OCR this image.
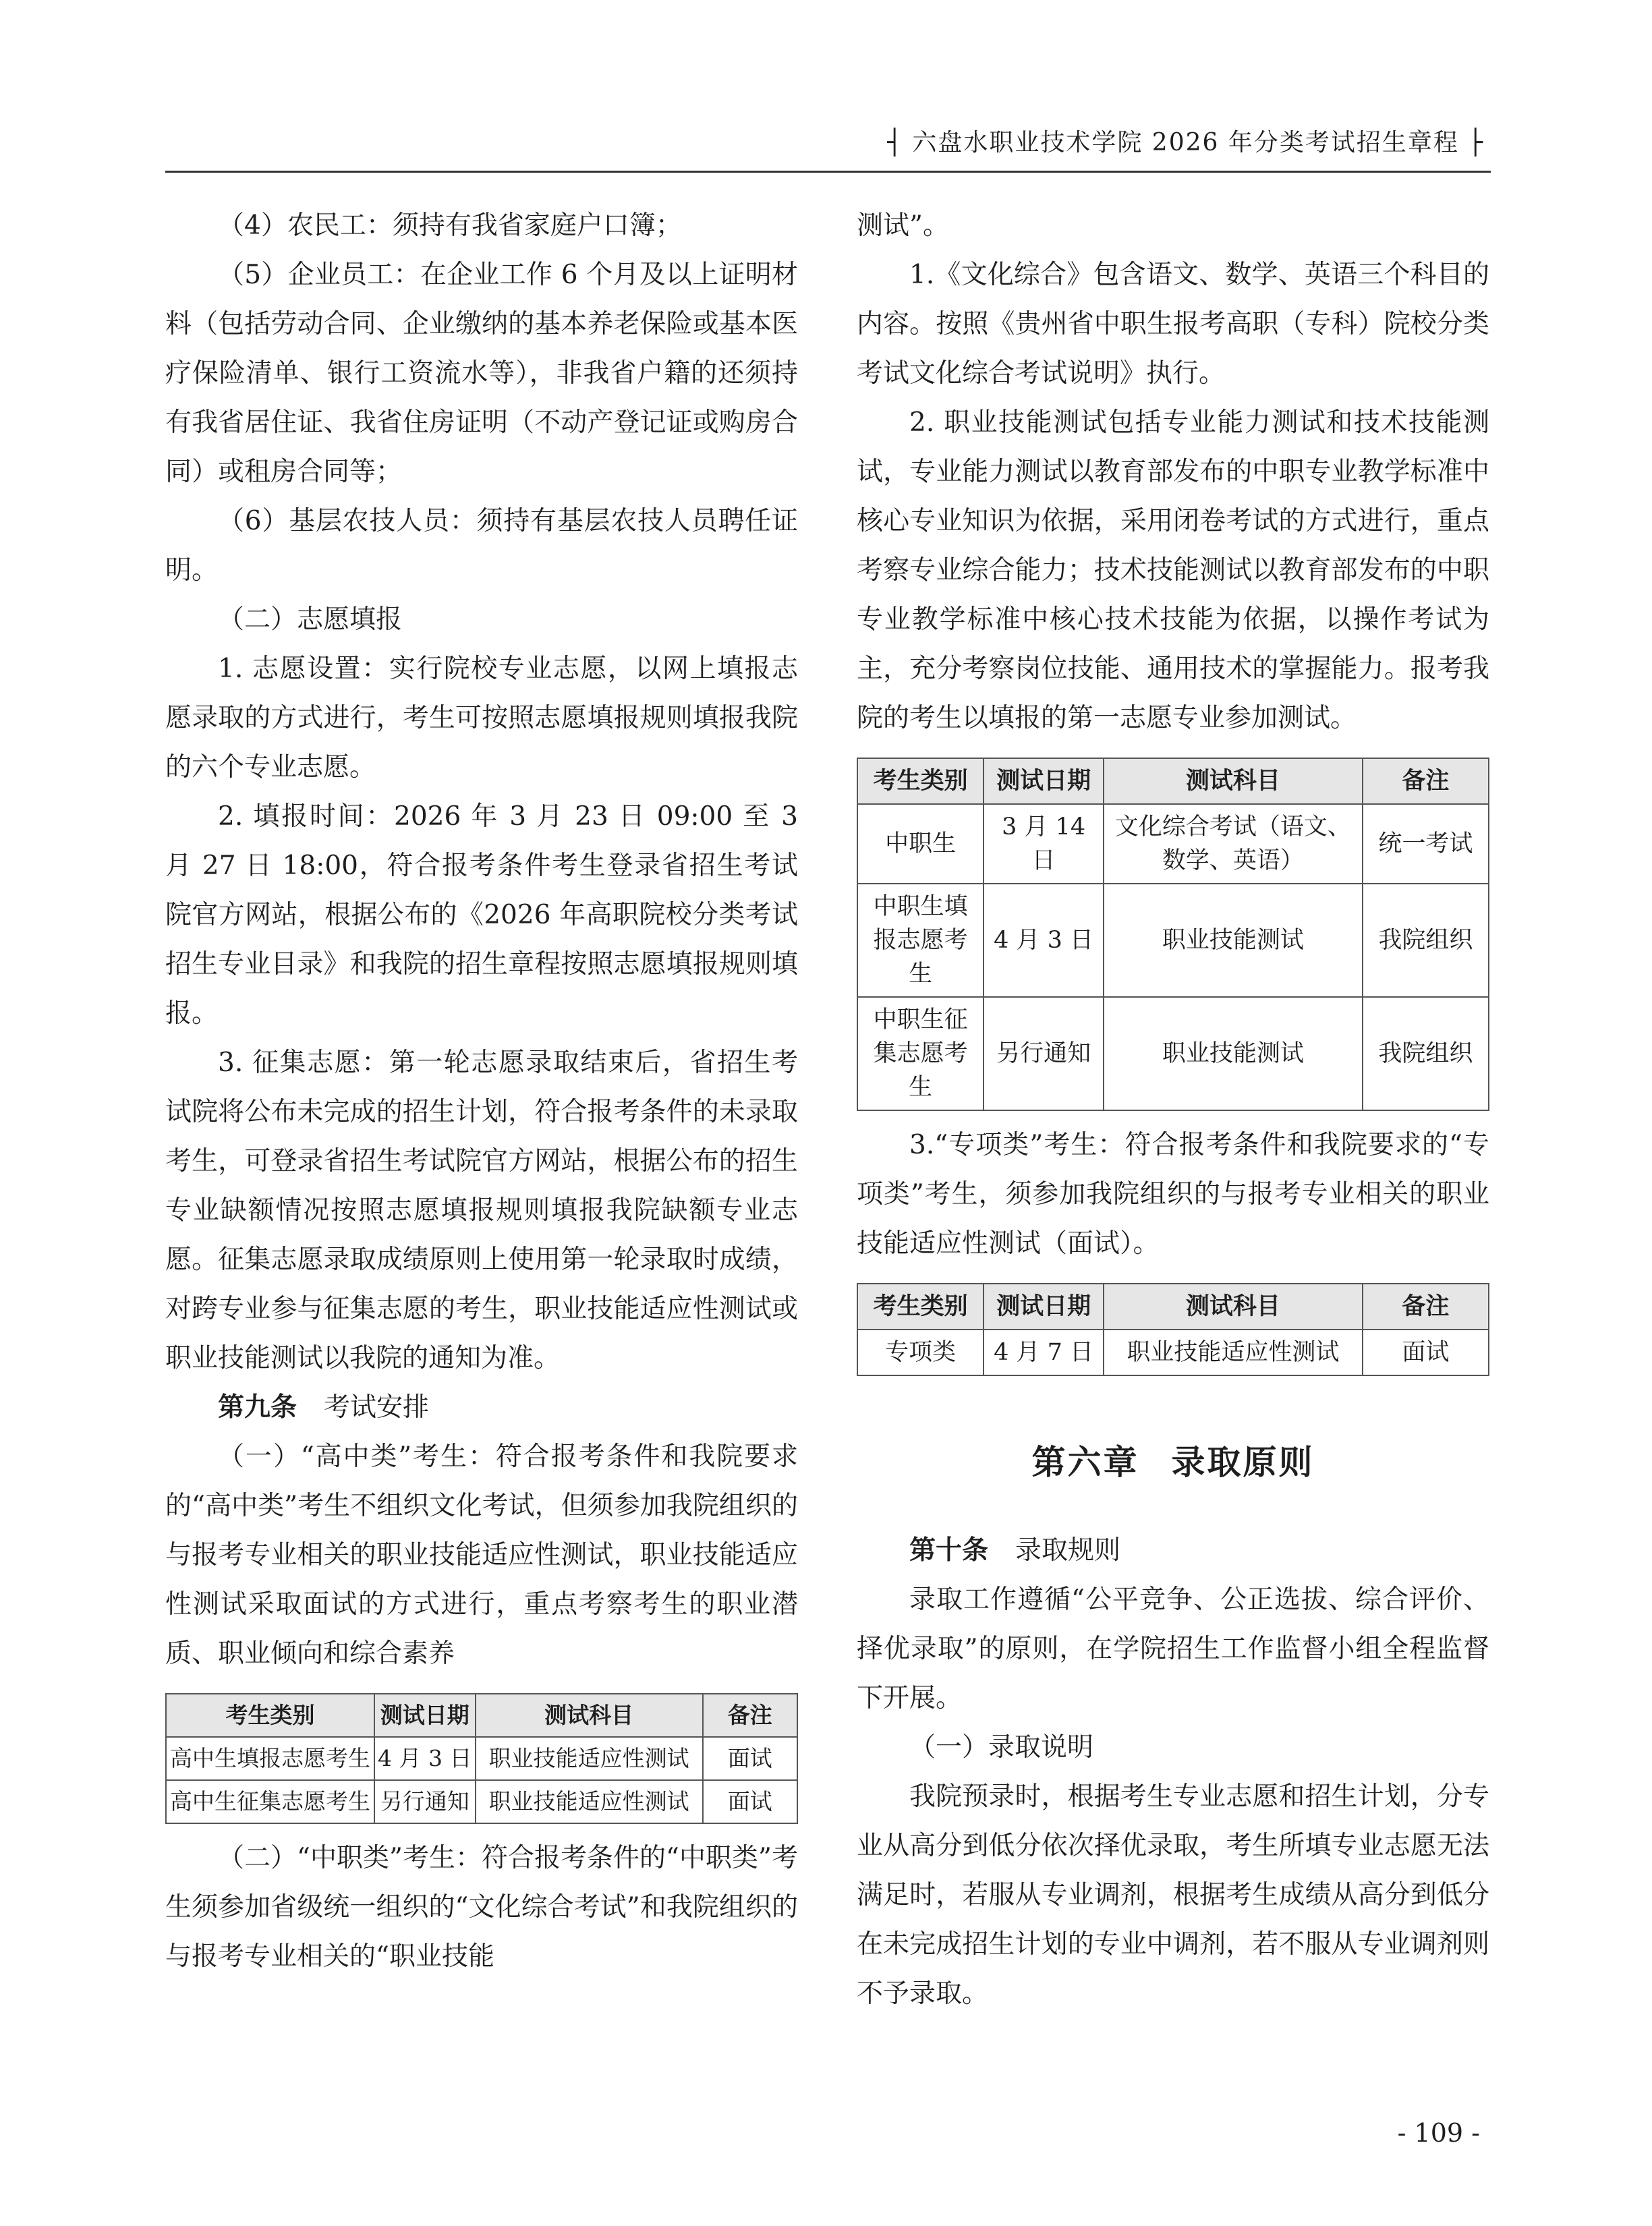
┤ 六盘水职业技术学院 2026 年分类考试招生章程 ├

（4）农民工：须持有我省家庭户口簿；

（5）企业员工：在企业工作 6 个月及以上证明材料（包括劳动合同、企业缴纳的基本养老保险或基本医疗保险清单、银行工资流水等），非我省户籍的还须持有我省居住证、我省住房证明（不动产登记证或购房合同）或租房合同等；

（6）基层农技人员：须持有基层农技人员聘任证明。

（二）志愿填报

1. 志愿设置：实行院校专业志愿，以网上填报志愿录取的方式进行，考生可按照志愿填报规则填报我院的六个专业志愿。

2. 填报时间：2026 年 3 月 23 日 09:00 至 3 月 27 日 18:00，符合报考条件考生登录省招生考试院官方网站，根据公布的《2026 年高职院校分类考试招生专业目录》和我院的招生章程按照志愿填报规则填报。

3. 征集志愿：第一轮志愿录取结束后，省招生考试院将公布未完成的招生计划，符合报考条件的未录取考生，可登录省招生考试院官方网站，根据公布的招生专业缺额情况按照志愿填报规则填报我院缺额专业志愿。征集志愿录取成绩原则上使用第一轮录取时成绩，对跨专业参与征集志愿的考生，职业技能适应性测试或职业技能测试以我院的通知为准。

第九条 考试安排

（一）“高中类”考生：符合报考条件和我院要求的“高中类”考生不组织文化考试，但须参加我院组织的与报考专业相关的职业技能适应性测试，职业技能适应性测试采取面试的方式进行，重点考察考生的职业潜质、职业倾向和综合素养

考生类别	测试日期	测试科目	备注
高中生填报志愿考生	4 月 3 日	职业技能适应性测试	面试
高中生征集志愿考生	另行通知	职业技能适应性测试	面试

（二）“中职类”考生：符合报考条件的“中职类”考生须参加省级统一组织的“文化综合考试”和我院组织的与报考专业相关的“职业技能

测试”。

1.《文化综合》包含语文、数学、英语三个科目的内容。按照《贵州省中职生报考高职（专科）院校分类考试文化综合考试说明》执行。

2. 职业技能测试包括专业能力测试和技术技能测试，专业能力测试以教育部发布的中职专业教学标准中核心专业知识为依据，采用闭卷考试的方式进行，重点考察专业综合能力；技术技能测试以教育部发布的中职专业教学标准中核心技术技能为依据，以操作考试为主，充分考察岗位技能、通用技术的掌握能力。报考我院的考生以填报的第一志愿专业参加测试。

考生类别	测试日期	测试科目	备注
中职生	3 月 14 日	文化综合考试（语文、数学、英语）	统一考试
中职生填报志愿考生	4 月 3 日	职业技能测试	我院组织
中职生征集志愿考生	另行通知	职业技能测试	我院组织

3.“专项类”考生：符合报考条件和我院要求的“专项类”考生，须参加我院组织的与报考专业相关的职业技能适应性测试（面试）。

考生类别	测试日期	测试科目	备注
专项类	4 月 7 日	职业技能适应性测试	面试
第六章 录取原则

第十条 录取规则

录取工作遵循“公平竞争、公正选拔、综合评价、择优录取”的原则，在学院招生工作监督小组全程监督下开展。

（一）录取说明

我院预录时，根据考生专业志愿和招生计划，分专业从高分到低分依次择优录取，考生所填专业志愿无法满足时，若服从专业调剂，根据考生成绩从高分到低分在未完成招生计划的专业中调剂，若不服从专业调剂则不予录取。

- 109 -
